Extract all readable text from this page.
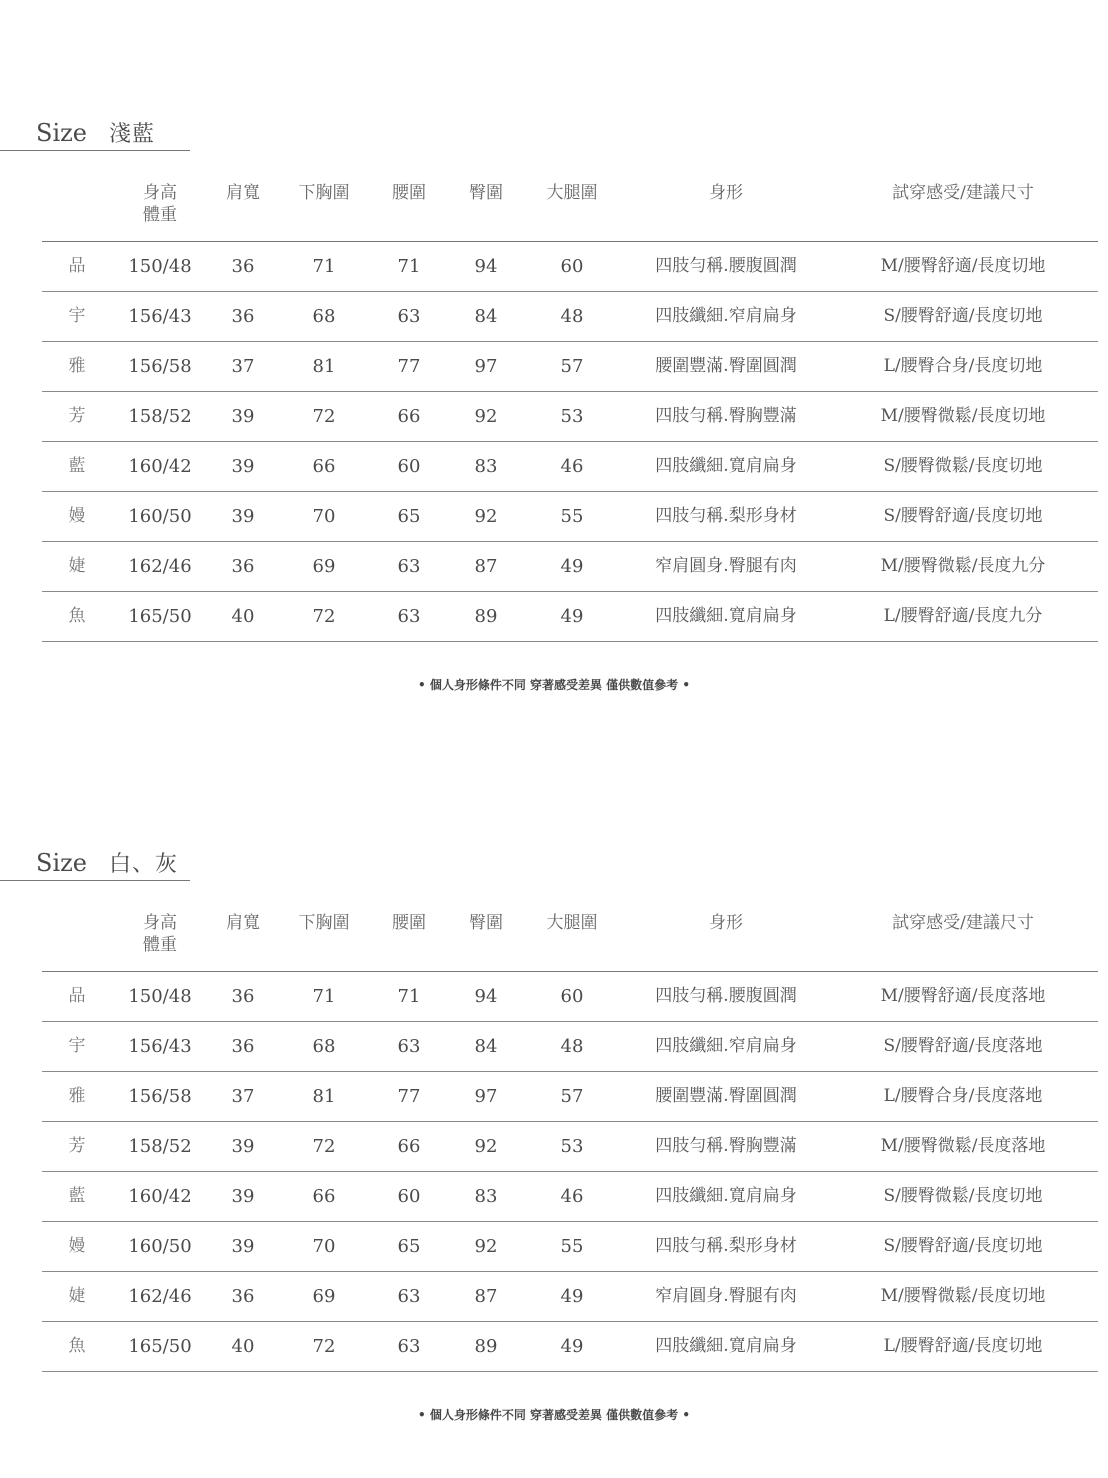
Size 淺藍
身高
體重
肩寬	下胸圍	腰圍	臀圍	大腿圍	身形	試穿感受/建議尺寸
品	150/48	36	71	71	94	60	四肢勻稱.腰腹圓潤	M/腰臀舒適/長度切地
宇	156/43	36	68	63	84	48	四肢纖細.窄肩扁身	S/腰臀舒適/長度切地
雅	156/58	37	81	77	97	57	腰圍豐滿.臀圍圓潤	L/腰臀合身/長度切地
芳	158/52	39	72	66	92	53	四肢勻稱.臀胸豐滿	M/腰臀微鬆/長度切地
藍	160/42	39	66	60	83	46	四肢纖細.寬肩扁身	S/腰臀微鬆/長度切地
嫚	160/50	39	70	65	92	55	四肢勻稱.梨形身材	S/腰臀舒適/長度切地
婕	162/46	36	69	63	87	49	窄肩圓身.臀腿有肉	M/腰臀微鬆/長度九分
魚	165/50	40	72	63	89	49	四肢纖細.寬肩扁身	L/腰臀舒適/長度九分
• 個人身形條件不同 穿著感受差異 僅供數值參考 •
Size 白、灰
身高
體重
肩寬	下胸圍	腰圍	臀圍	大腿圍	身形	試穿感受/建議尺寸
品	150/48	36	71	71	94	60	四肢勻稱.腰腹圓潤	M/腰臀舒適/長度落地
宇	156/43	36	68	63	84	48	四肢纖細.窄肩扁身	S/腰臀舒適/長度落地
雅	156/58	37	81	77	97	57	腰圍豐滿.臀圍圓潤	L/腰臀合身/長度落地
芳	158/52	39	72	66	92	53	四肢勻稱.臀胸豐滿	M/腰臀微鬆/長度落地
藍	160/42	39	66	60	83	46	四肢纖細.寬肩扁身	S/腰臀微鬆/長度切地
嫚	160/50	39	70	65	92	55	四肢勻稱.梨形身材	S/腰臀舒適/長度切地
婕	162/46	36	69	63	87	49	窄肩圓身.臀腿有肉	M/腰臀微鬆/長度切地
魚	165/50	40	72	63	89	49	四肢纖細.寬肩扁身	L/腰臀舒適/長度切地
• 個人身形條件不同 穿著感受差異 僅供數值參考 •
